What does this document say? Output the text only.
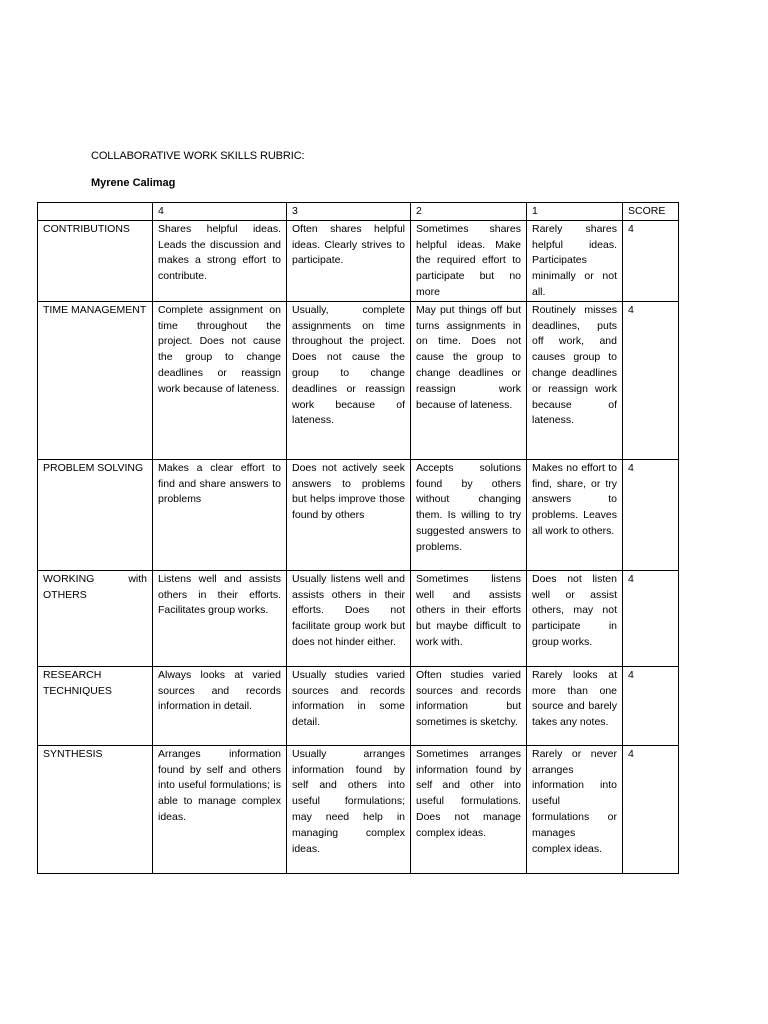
COLLABORATIVE WORK SKILLS RUBRIC:
Myrene Calimag
	4	3	2	1	SCORE
CONTRIBUTIONS	Shares helpful ideas. Leads the discussion and makes a strong effort to contribute.	Often shares helpful ideas. Clearly strives to participate.	Sometimes shares helpful ideas. Make the required effort to participate but no more	Rarely shares helpful ideas. Participates minimally or not all.	4
TIME MANAGEMENT	Complete assignment on time throughout the project. Does not cause the group to change deadlines or reassign work because of lateness.	Usually, complete assignments on time throughout the project. Does not cause the group to change deadlines or reassign work because of lateness.	May put things off but turns assignments in on time. Does not cause the group to change deadlines or reassign work because of lateness.	Routinely misses deadlines, puts off work, and causes group to change deadlines or reassign work because of lateness.	4
PROBLEM SOLVING	Makes a clear effort to find and share answers to problems	Does not actively seek answers to problems but helps improve those found by others	Accepts solutions found by others without changing them. Is willing to try suggested answers to problems.	Makes no effort to find, share, or try answers to problems. Leaves all work to others.	4
WORKING with OTHERS	Listens well and assists others in their efforts. Facilitates group works.	Usually listens well and assists others in their efforts. Does not facilitate group work but does not hinder either.	Sometimes listens well and assists others in their efforts but maybe difficult to work with.	Does not listen well or assist others, may not participate in group works.	4
RESEARCH TECHNIQUES	Always looks at varied sources and records information in detail.	Usually studies varied sources and records information in some detail.	Often studies varied sources and records information but sometimes is sketchy.	Rarely looks at more than one source and barely takes any notes.	4
SYNTHESIS	Arranges information found by self and others into useful formulations; is able to manage complex ideas.	Usually arranges information found by self and others into useful formulations; may need help in managing complex ideas.	Sometimes arranges information found by self and other into useful formulations. Does not manage complex ideas.	Rarely or never arranges information into useful formulations or manages complex ideas.	4
